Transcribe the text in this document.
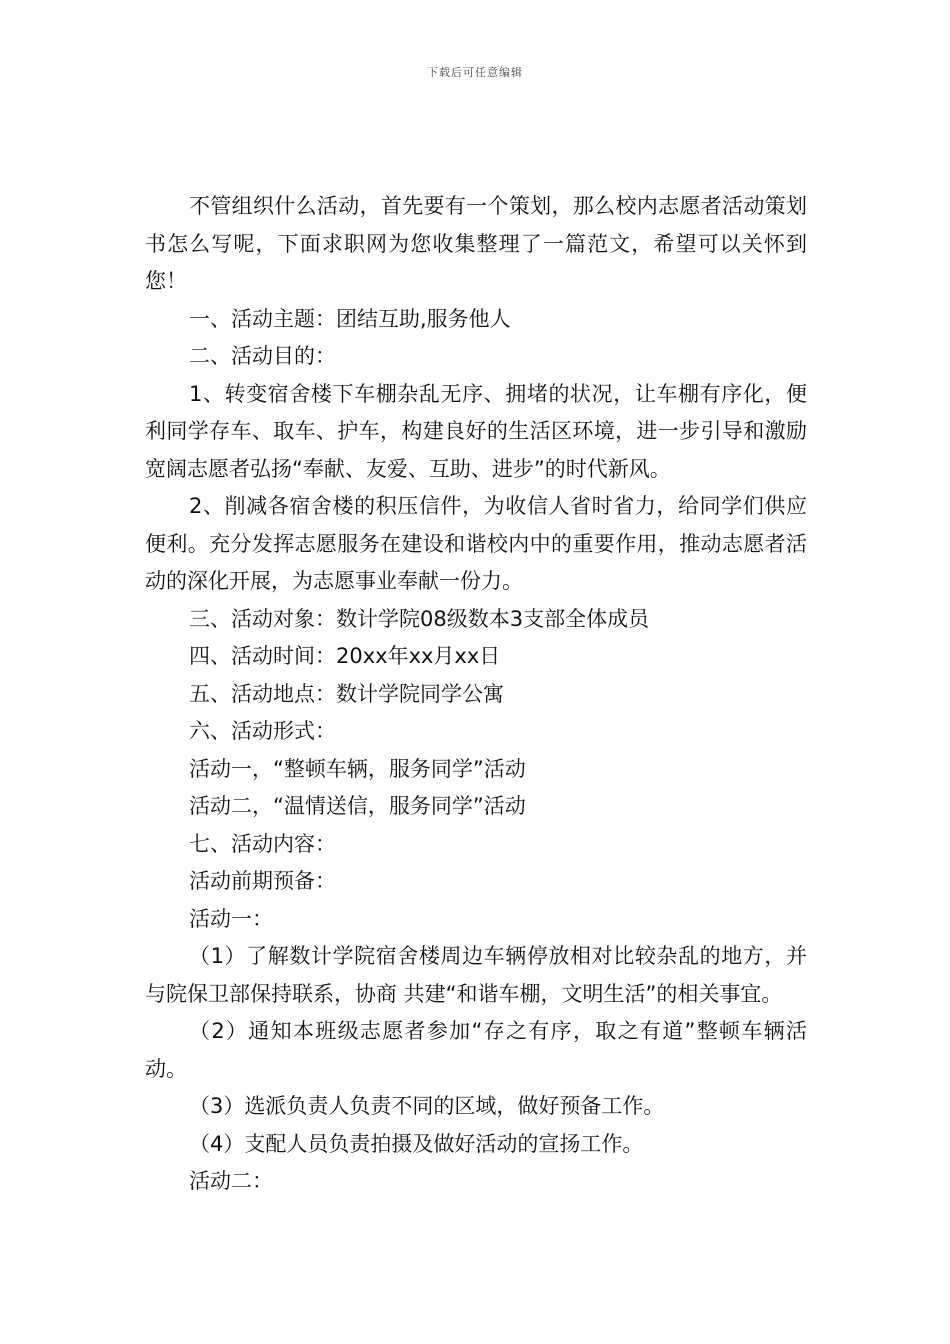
下载后可任意编辑

不管组织什么活动，首先要有一个策划，那么校内志愿者活动策划书怎么写呢，下面求职网为您收集整理了一篇范文，希望可以关怀到您！

一、活动主题：团结互助,服务他人

二、活动目的：

1、转变宿舍楼下车棚杂乱无序、拥堵的状况，让车棚有序化，便利同学存车、取车、护车，构建良好的生活区环境，进一步引导和激励宽阔志愿者弘扬“奉献、友爱、互助、进步”的时代新风。

2、削减各宿舍楼的积压信件，为收信人省时省力，给同学们供应便利。充分发挥志愿服务在建设和谐校内中的重要作用，推动志愿者活动的深化开展，为志愿事业奉献一份力。

三、活动对象：数计学院08级数本3支部全体成员

四、活动时间：20xx年xx月xx日

五、活动地点：数计学院同学公寓

六、活动形式：

活动一，“整顿车辆，服务同学”活动

活动二，“温情送信，服务同学”活动

七、活动内容：

活动前期预备：

活动一：

（1）了解数计学院宿舍楼周边车辆停放相对比较杂乱的地方，并与院保卫部保持联系，协商 共建“和谐车棚，文明生活”的相关事宜。

（2）通知本班级志愿者参加“存之有序，取之有道”整顿车辆活动。

（3）选派负责人负责不同的区域，做好预备工作。

（4）支配人员负责拍摄及做好活动的宣扬工作。

活动二：
